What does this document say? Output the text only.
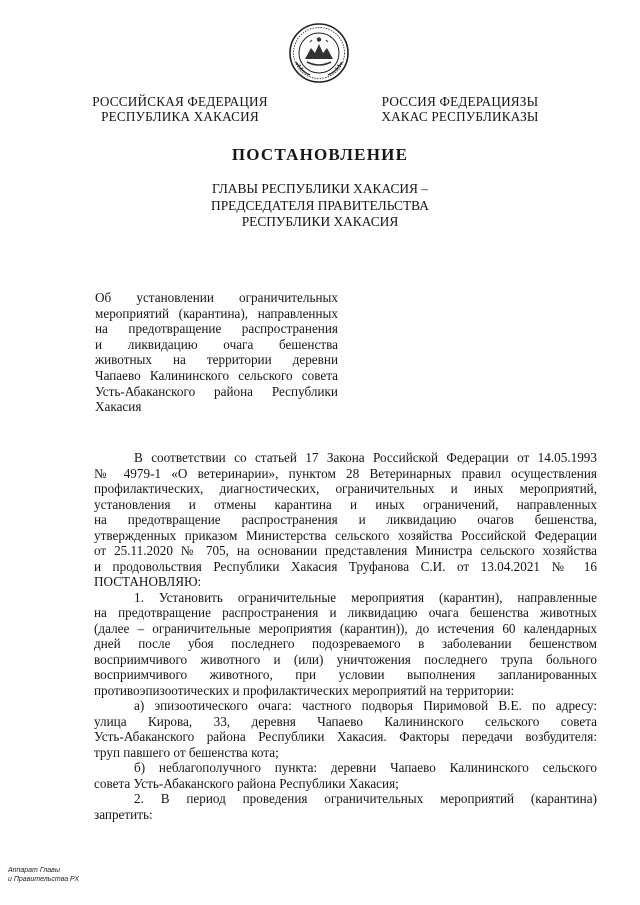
РОССИЙСКАЯ ФЕДЕРАЦИЯ
РЕСПУБЛИКА ХАКАСИЯ
РОССИЯ ФЕДЕРАЦИЯЗЫ
ХАКАС РЕСПУБЛИКАЗЫ
ПОСТАНОВЛЕНИЕ
ГЛАВЫ РЕСПУБЛИКИ ХАКАСИЯ –
ПРЕДСЕДАТЕЛЯ ПРАВИТЕЛЬСТВА
РЕСПУБЛИКИ ХАКАСИЯ
Об установлении ограничительных
мероприятий (карантина), направленных
на предотвращение распространения
и ликвидацию очага бешенства
животных на территории деревни
Чапаево Калининского сельского совета
Усть-Абаканского района Республики
Хакасия
В соответствии со статьей 17 Закона Российской Федерации от 14.05.1993
№ 4979-1 «О ветеринарии», пунктом 28 Ветеринарных правил осуществления
профилактических, диагностических, ограничительных и иных мероприятий,
установления и отмены карантина и иных ограничений, направленных
на предотвращение распространения и ликвидацию очагов бешенства,
утвержденных приказом Министерства сельского хозяйства Российской Федерации
от 25.11.2020 № 705, на основании представления Министра сельского хозяйства
и продовольствия Республики Хакасия Труфанова С.И. от 13.04.2021 № 16
ПОСТАНОВЛЯЮ:
1. Установить ограничительные мероприятия (карантин), направленные
на предотвращение распространения и ликвидацию очага бешенства животных
(далее – ограничительные мероприятия (карантин)), до истечения 60 календарных
дней после убоя последнего подозреваемого в заболевании бешенством
восприимчивого животного и (или) уничтожения последнего трупа больного
восприимчивого животного, при условии выполнения запланированных
противоэпизоотических и профилактических мероприятий на территории:
а) эпизоотического очага: частного подворья Пиримовой В.Е. по адресу:
улица Кирова, 33, деревня Чапаево Калининского сельского совета
Усть-Абаканского района Республики Хакасия. Факторы передачи возбудителя:
труп павшего от бешенства кота;
б) неблагополучного пункта: деревни Чапаево Калининского сельского
совета Усть-Абаканского района Республики Хакасия;
2. В период проведения ограничительных мероприятий (карантина)
запретить:
Аппарат Главы
и Правительства РХ
